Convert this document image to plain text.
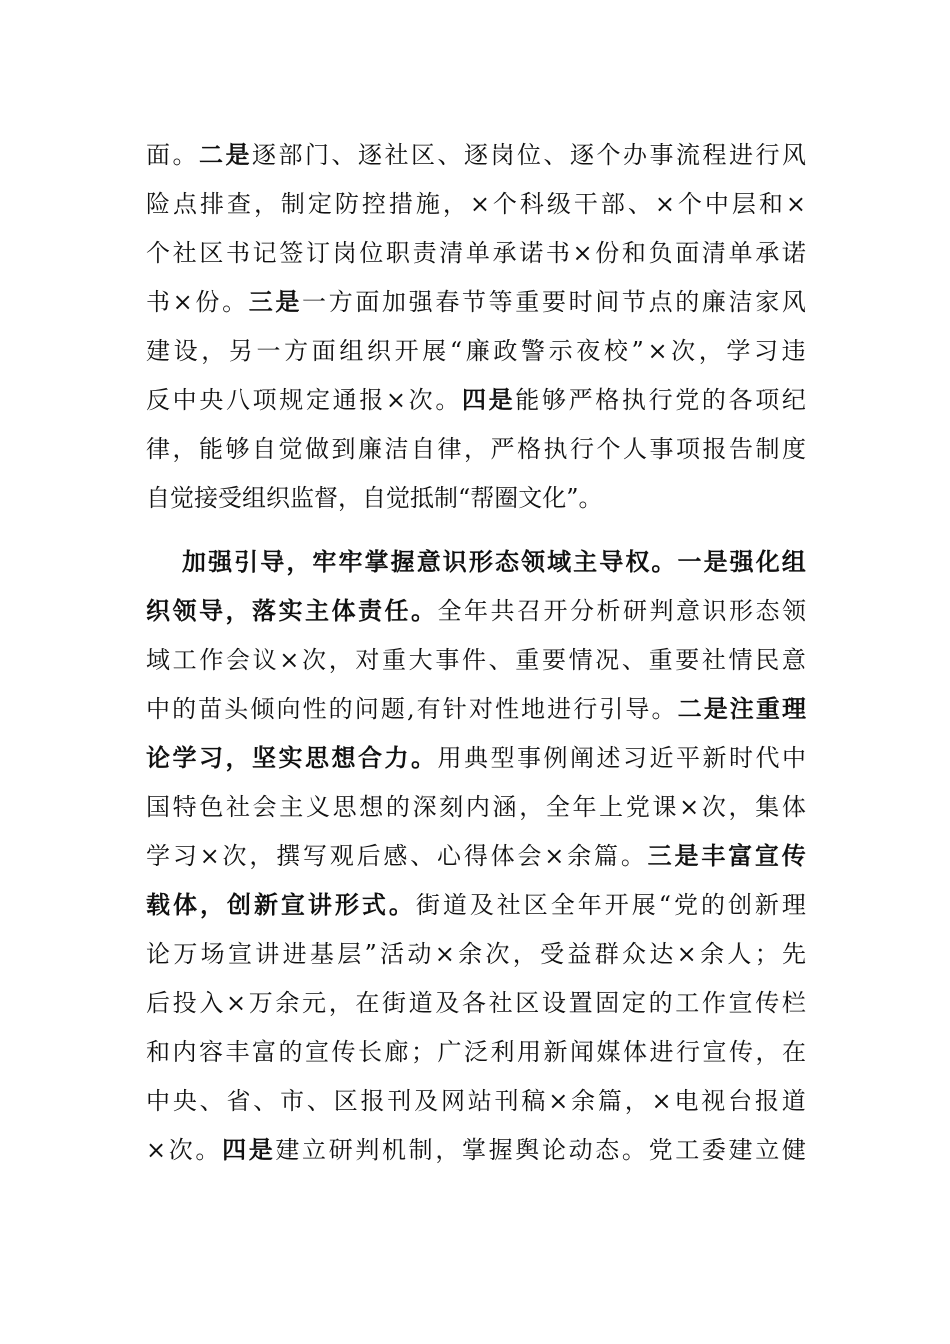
面 。 二 是 逐 部 门 、 逐 社 区 、 逐 岗 位 、 逐 个 办 事 流 程 进 行 风
险 点 排 查 ， 制 定 防 控 措 施 ， × 个 科 级 干 部 、 × 个 中 层 和 ×
个 社 区 书 记 签 订 岗 位 职 责 清 单 承 诺 书 × 份 和 负 面 清 单 承 诺
书 × 份 。 三 是 一 方 面 加 强 春 节 等 重 要 时 间 节 点 的 廉 洁 家 风
建 设 ， 另 一 方 面 组 织 开 展 “ 廉 政 警 示 夜 校 ” × 次 ， 学 习 违
反 中 央 八 项 规 定 通 报 × 次 。 四 是 能 够 严 格 执 行 党 的 各 项 纪
律 ， 能 够 自 觉 做 到 廉 洁 自 律 ， 严 格 执 行 个 人 事 项 报 告 制 度
自觉接受组织监督，自觉抵制“帮圈文化”。
加 强 引 导 ， 牢 牢 掌 握 意 识 形 态 领 域 主 导 权 。 一 是 强 化 组
织 领 导 ， 落 实 主 体 责 任 。 全 年 共 召 开 分 析 研 判 意 识 形 态 领
域 工 作 会 议 × 次 ， 对 重 大 事 件 、 重 要 情 况 、 重 要 社 情 民 意
中 的 苗 头 倾 向 性 的 问 题 , 有 针 对 性 地 进 行 引 导 。 二 是 注 重 理
论 学 习 ， 坚 实 思 想 合 力 。 用 典 型 事 例 阐 述 习 近 平 新 时 代 中
国 特 色 社 会 主 义 思 想 的 深 刻 内 涵 ， 全 年 上 党 课 × 次 ， 集 体
学 习 × 次 ， 撰 写 观 后 感 、 心 得 体 会 × 余 篇 。 三 是 丰 富 宣 传
载 体 ， 创 新 宣 讲 形 式 。 街 道 及 社 区 全 年 开 展 “ 党 的 创 新 理
论 万 场 宣 讲 进 基 层 ” 活 动 × 余 次 ， 受 益 群 众 达 × 余 人 ； 先
后 投 入 × 万 余 元 ， 在 街 道 及 各 社 区 设 置 固 定 的 工 作 宣 传 栏
和 内 容 丰 富 的 宣 传 长 廊 ； 广 泛 利 用 新 闻 媒 体 进 行 宣 传 ， 在
中 央 、 省 、 市 、 区 报 刊 及 网 站 刊 稿 × 余 篇 ， × 电 视 台 报 道
× 次 。 四 是 建 立 研 判 机 制 ， 掌 握 舆 论 动 态 。 党 工 委 建 立 健
